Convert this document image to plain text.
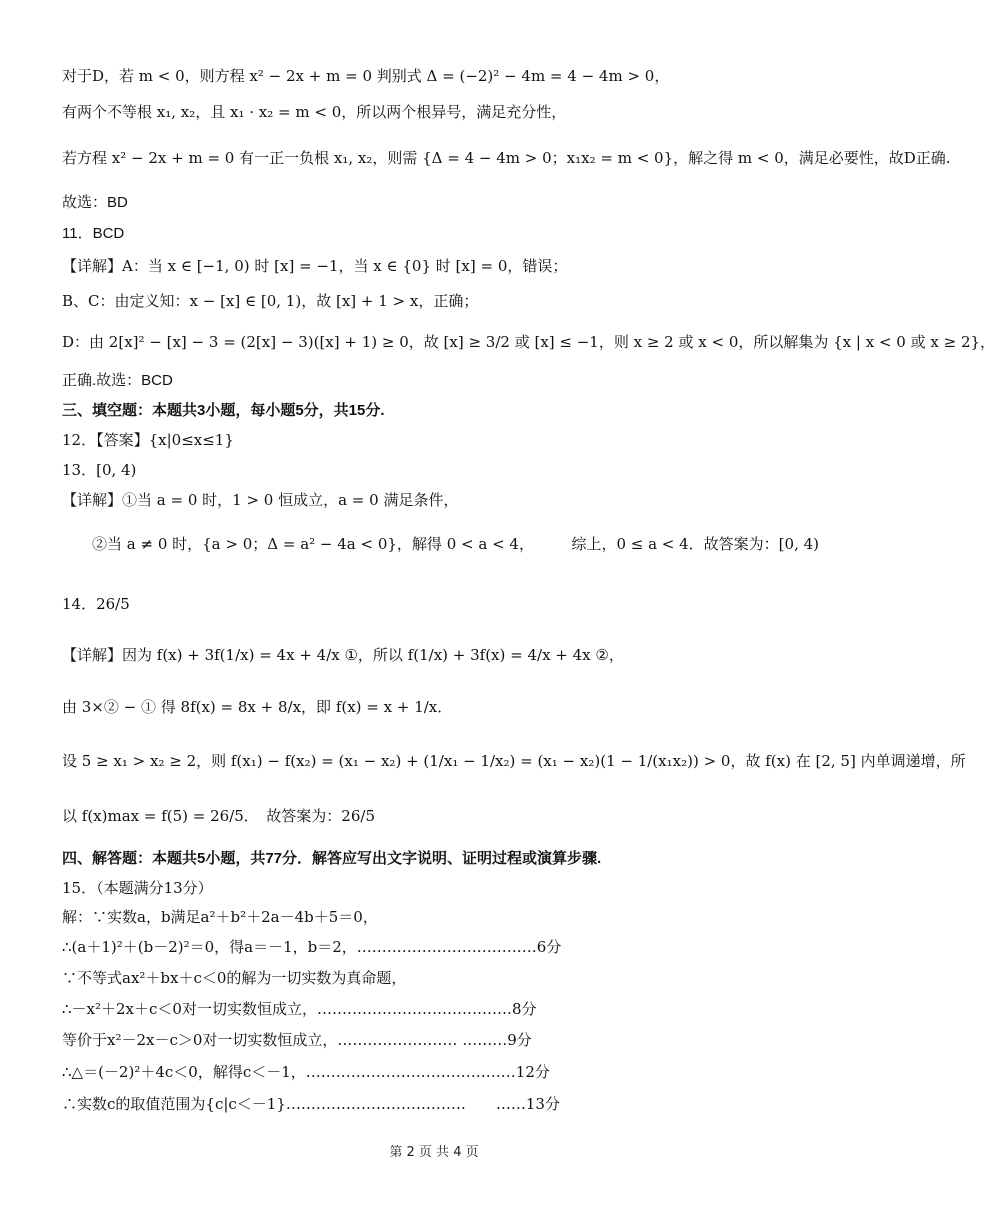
对于D，若 m < 0，则方程 x² − 2x + m = 0 判别式 Δ = (−2)² − 4m = 4 − 4m > 0，
有两个不等根 x₁, x₂，且 x₁ · x₂ = m < 0，所以两个根异号，满足充分性，
若方程 x² − 2x + m = 0 有一正一负根 x₁, x₂，则需 {Δ = 4 − 4m > 0；x₁x₂ = m < 0}，解之得 m < 0，满足必要性，故D正确.
故选：BD
11．BCD
【详解】A：当 x ∈ [−1, 0) 时 [x] = −1，当 x ∈ {0} 时 [x] = 0，错误；
B、C：由定义知：x − [x] ∈ [0, 1)，故 [x] + 1 > x，正确；
D：由 2[x]² − [x] − 3 = (2[x] − 3)([x] + 1) ≥ 0，故 [x] ≥ 3/2 或 [x] ≤ −1，则 x ≥ 2 或 x < 0，所以解集为 {x | x < 0 或 x ≥ 2}，
正确.故选：BCD
三、填空题：本题共3小题，每小题5分，共15分.
12．【答案】{x|0≤x≤1}
13．[0, 4)
【详解】①当 a = 0 时，1 > 0 恒成立，a = 0 满足条件，
②当 a ≠ 0 时，{a > 0；Δ = a² − 4a < 0}，解得 0 < a < 4，　　　综上，0 ≤ a < 4．故答案为：[0, 4)
14．26/5
【详解】因为 f(x) + 3f(1/x) = 4x + 4/x ①，所以 f(1/x) + 3f(x) = 4/x + 4x ②，
由 3×② − ① 得 8f(x) = 8x + 8/x，即 f(x) = x + 1/x．
设 5 ≥ x₁ > x₂ ≥ 2，则 f(x₁) − f(x₂) = (x₁ − x₂) + (1/x₁ − 1/x₂) = (x₁ − x₂)(1 − 1/(x₁x₂)) > 0，故 f(x) 在 [2, 5] 内单调递增，所
以 f(x)max = f(5) = 26/5．　故答案为：26/5
四、解答题：本题共5小题，共77分．解答应写出文字说明、证明过程或演算步骤.
15．（本题满分13分）
解：∵实数a，b满足a²＋b²＋2a－4b＋5＝0，
∴(a＋1)²＋(b－2)²＝0，得a＝－1，b＝2，………………………………6分
∵不等式ax²＋bx＋c＜0的解为一切实数为真命题，
∴－x²＋2x＋c＜0对一切实数恒成立，…………………………………8分
等价于x²－2x－c＞0对一切实数恒成立，…………………… ………9分
∴△＝(－2)²＋4c＜0，解得c＜－1，……………………………………12分
∴实数c的取值范围为{c|c＜－1}………………………………　　……13分
第 2 页 共 4 页
